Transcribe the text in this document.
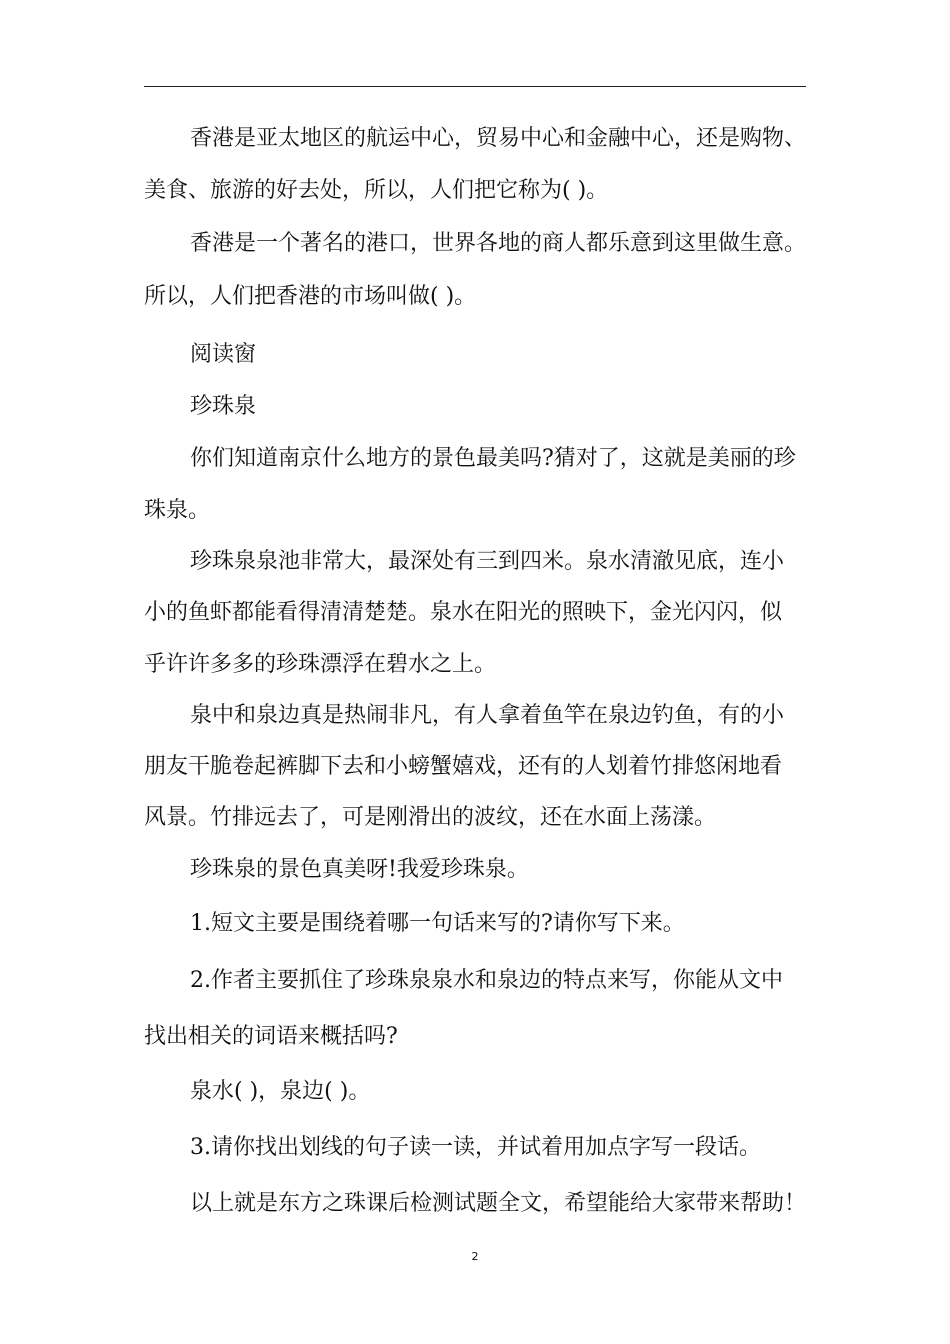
香港是亚太地区的航运中心，贸易中心和金融中心，还是购物、
美食、旅游的好去处，所以，人们把它称为( )。
香港是一个著名的港口，世界各地的商人都乐意到这里做生意。
所以，人们把香港的市场叫做( )。
阅读窗
珍珠泉
你们知道南京什么地方的景色最美吗?猜对了，这就是美丽的珍
珠泉。
珍珠泉泉池非常大，最深处有三到四米。泉水清澈见底，连小
小的鱼虾都能看得清清楚楚。泉水在阳光的照映下，金光闪闪，似
乎许许多多的珍珠漂浮在碧水之上。
泉中和泉边真是热闹非凡，有人拿着鱼竿在泉边钓鱼，有的小
朋友干脆卷起裤脚下去和小螃蟹嬉戏，还有的人划着竹排悠闲地看
风景。竹排远去了，可是刚滑出的波纹，还在水面上荡漾。
珍珠泉的景色真美呀!我爱珍珠泉。
1.短文主要是围绕着哪一句话来写的?请你写下来。
2.作者主要抓住了珍珠泉泉水和泉边的特点来写，你能从文中
找出相关的词语来概括吗?
泉水( )，泉边( )。
3.请你找出划线的句子读一读，并试着用加点字写一段话。
以上就是东方之珠课后检测试题全文，希望能给大家带来帮助！
2
